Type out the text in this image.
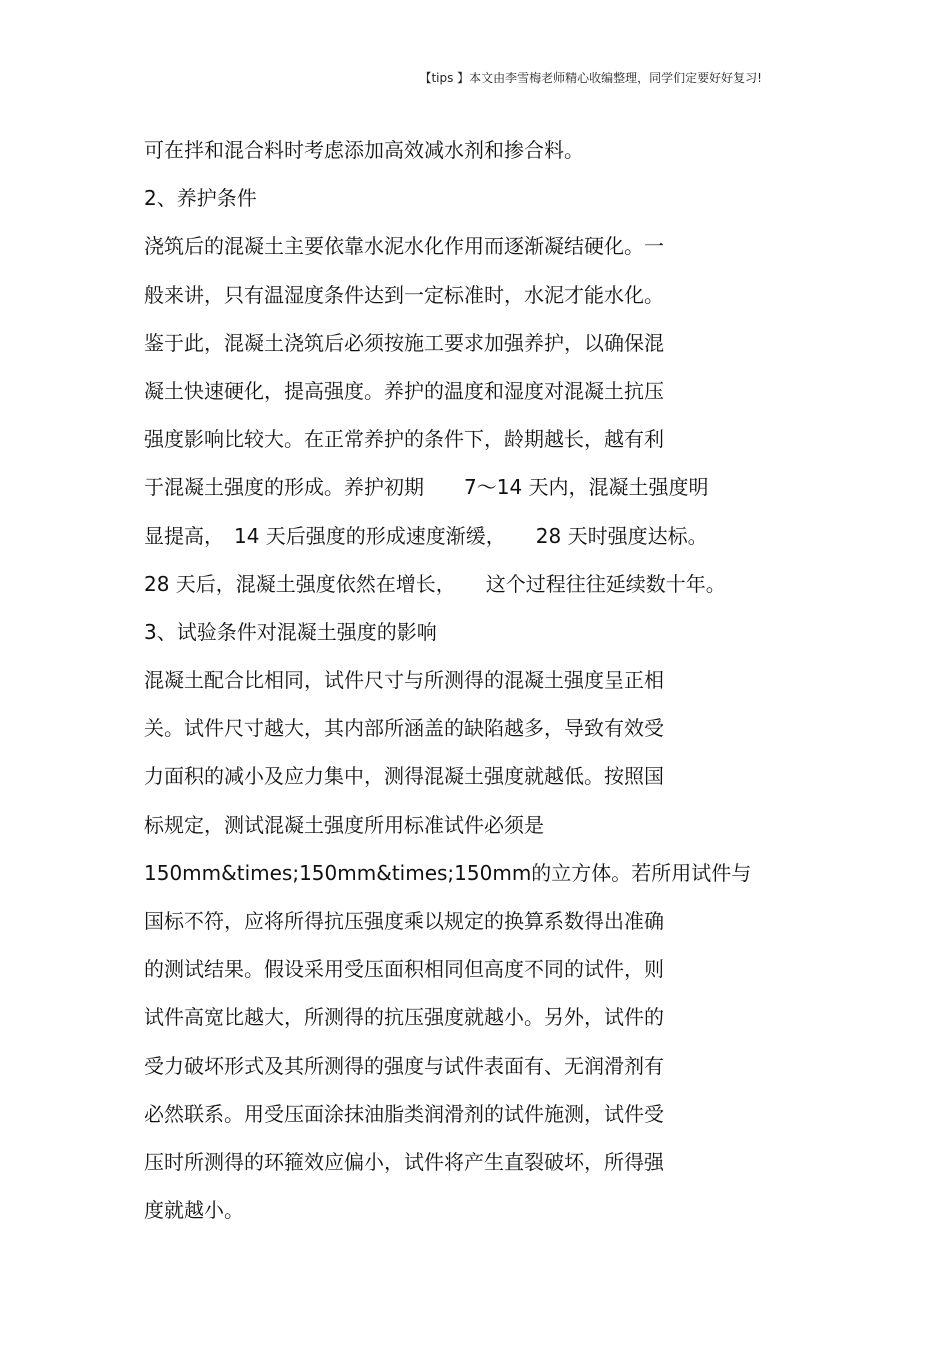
【tips 】本文由李雪梅老师精心收编整理，同学们定要好好复习!
可在拌和混合料时考虑添加高效减水剂和掺合料。
2、养护条件
浇筑后的混凝土主要依靠水泥水化作用而逐渐凝结硬化。一
般来讲，只有温湿度条件达到一定标准时，水泥才能水化。
鉴于此，混凝土浇筑后必须按施工要求加强养护，以确保混
凝土快速硬化，提高强度。养护的温度和湿度对混凝土抗压
强度影响比较大。在正常养护的条件下，龄期越长，越有利
于混凝土强度的形成。养护初期　　7～14 天内，混凝土强度明
显提高，　14 天后强度的形成速度渐缓，　　28 天时强度达标。
28 天后，混凝土强度依然在增长，　　这个过程往往延续数十年。
3、试验条件对混凝土强度的影响
混凝土配合比相同，试件尺寸与所测得的混凝土强度呈正相
关。试件尺寸越大，其内部所涵盖的缺陷越多，导致有效受
力面积的减小及应力集中，测得混凝土强度就越低。按照国
标规定，测试混凝土强度所用标准试件必须是
150mm&times;150mm&times;150mm的立方体。若所用试件与
国标不符，应将所得抗压强度乘以规定的换算系数得出准确
的测试结果。假设采用受压面积相同但高度不同的试件，则
试件高宽比越大，所测得的抗压强度就越小。另外，试件的
受力破坏形式及其所测得的强度与试件表面有、无润滑剂有
必然联系。用受压面涂抹油脂类润滑剂的试件施测，试件受
压时所测得的环箍效应偏小，试件将产生直裂破坏，所得强
度就越小。
